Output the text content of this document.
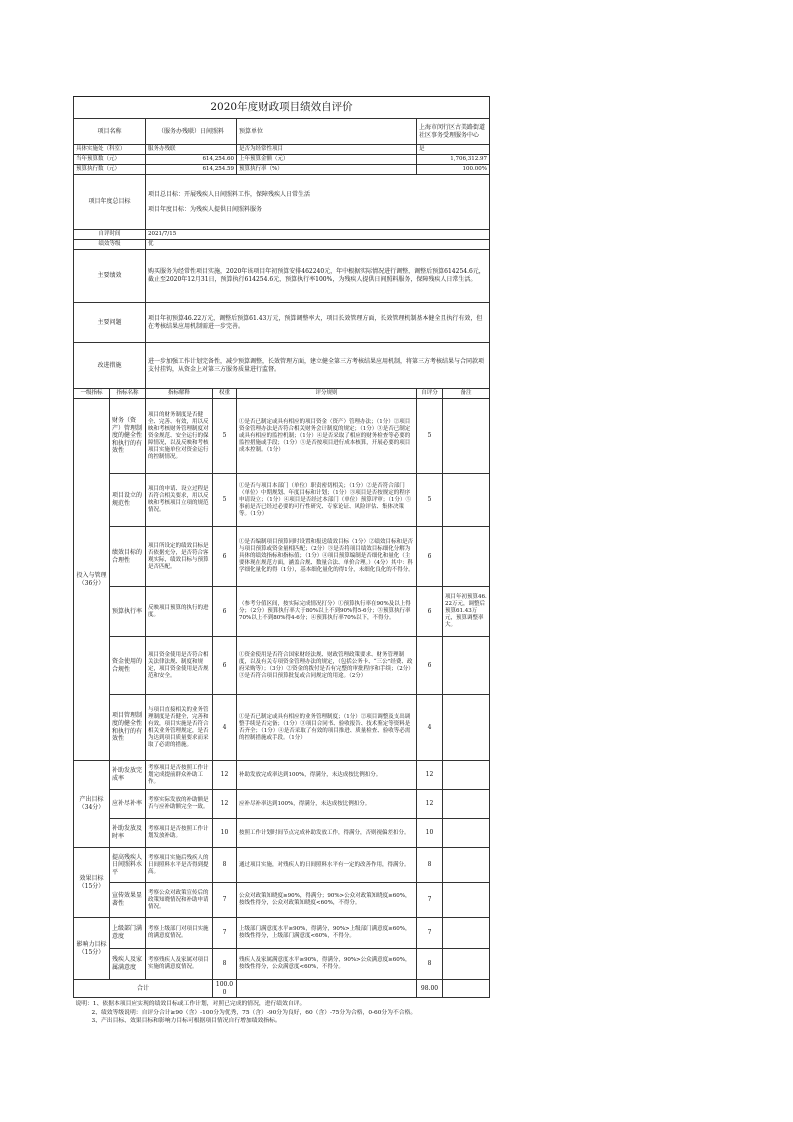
2020年度财政项目绩效自评价						
项目名称		（服务办残联）日间照料		预算单位	上海市闵行区古美路街道社区事务受理服务中心	
具体实施处（科室）		服务办残联		是否为经常性项目	是	
当年预算数（元）		614,254.60		上年预算金额（元）	1,706,312.97	
预算执行数（元）		614,254.59		预算执行率（%）	100.00%	
项目年度总目标		项目总目标：开展残疾人日间照料工作，保障残疾人日常生活
项目年度目标：为残疾人提供日间照料服务				

自评时间		2021/7/15				
绩效等级		优				
主要绩效		购买服务为经常性项目实施，2020年该项目年初预算安排462240元，年中根据实际情况进行调整，调整后预算614254.6元，截止至2020年12月31日，预算执行614254.6元，预算执行率100%，为残疾人提供日间照料服务，保障残疾人日常生活。				
主要问题		项目年初预算46.22万元，调整后预算61.43万元，预算调整率大，项目长效管理方面，长效管理机制基本健全且执行有效，但在考核结果应用机制需进一步完善。				
改进措施		进一步加强工作计划完备性，减少预算调整，长效管理方面，建立健全第三方考核结果应用机制，将第三方考核结果与合同款项支付挂钩，从资金上对第三方服务质量进行监督。				
一级指标	指标名称	指标解释	权重	评分规则	自评分	备注
投入与管理（36分）	财务（资产）管理制度的健全性和执行的有效性	项目的财务制度是否健全、完善、有效，用以反映和考核财务管理制度对资金规范、安全运行的保障情况，以及反映和考核项目实施单位对资金运行的控制情况。	5	①是否已制定或具有相应的项目资金（资产）管理办法；（1分）②项目资金管理办法是否符合相关财务会计制度的规定；（1分）③是否已制定或具有相应的监控机制；（1分）④是否采取了相应的财务检查等必要的监控措施或手段；（1分）⑤是否按项目进行成本核算，开展必要的项目成本控制。（1分）	5	
	项目设立的规范性	项目的申请、设立过程是否符合相关要求，用以反映和考核项目立项的规范情况。	5	①是否与项目本部门（单位）职责密切相关；（1分）②是否符合部门（单位）中期规划、年度目标和计划；（1分）③项目是否按规定的程序申请设立；（1分）④项目是否经过本部门（单位）预算评审；（1分）⑤事前是否已经过必要的可行性研究、专家论证、风险评估、集体决策等。（1分）	5	
	绩效目标的合理性	项目所设定的绩效目标是否依据充分，是否符合客观实际，绩效目标与预算是否匹配。	6	①是否编制项目预算同时设置和报送绩效目标（1分）②绩效目标和是否与项目预算或资金量相匹配；（2分）③是否将项目绩效目标细化分解为具体的绩效指标和指标值；（1分）④项目预算编制是否细化和量化（主要体现在规范方面，涵盖合规、数量合法、单价合理。）（4分）其中：科学细化量化的得（1分），基本细化量化的得1分，未细化良化的不得分。	6	
	预算执行率	反映项目预算的执行的进度。	6	（参考分值区间，按实际完成情况打分）①预算执行率在90%及以上得分；（2分）预算执行率大于80%以上不到90%得5-6分；③预算执行率70%以上不到80%得4-6分；④预算执行率70%以下，不得分。	6	项目年初预算46.22万元，调整后预算61.43万元，预算调整率大。
	资金使用的合规性	项目资金使用是否符合相关法律法规、制度和规定，项目资金使用是否规范和安全。	6	①资金使用是否符合国家财经法规、财政管理政策要求、财务管理制度，以及有关专项资金管理办法的规定，（包括公务卡、“三公”经费、政府采购等）；（3分）②资金的拨付是否有完整的审批程序和手续；（2分）③是否符合项目预算批复或合同规定的用途。（2分）	6	
	项目管理制度的健全性和执行的有效性	与项目直接相关的业务管理制度是否健全，完善和有效，项目实施是否符合相关业务管理规定，是否为达到项目质量要求而采取了必需的措施。	4	①是否已制定或具有相应的业务管理制度；（1分）②项目调整及支出调整手续是否完备；（1分）③项目合同书、验收报告、技术鉴定等资料是否齐全；（1分）④是否采取了有效的项目推进、质量检查、验收等必需的控制措施或手段。（1分）	4	
产出目标（34分）	补助发放完成率	考察项目是否按照工作计划完成提前群众补助工作。	12	补助发放完成率达到100%，得满分，未达成按比例扣分。	12	
	应补尽补率	考察实际发放的补助额是否与应补助额完全一致。	12	应补尽补率达到100%，得满分，未达成按比例扣分。	12	
	补助发放及时率	考察项目是否按照工作计划发放补助。	10	按照工作计划时间节点完成补助发放工作，得满分，否则视偏差扣分。	10	
效果目标（15分）	提高残疾人日间照料水平	考察项目实施后残疾人的日间照料水平是否得到提高。	8	通过项目实施，对残疾人的日间照料水平有一定的改善作用，得满分。	8	
	宣传效果显著性	考察公众对政策宣传后的政策知晓情况和补助申请情况。	7	公众对政策知晓度≥90%，得满分；90%>公众对政策知晓度≥60%，按线性得分，公众对政策知晓度<60%，不得分。	7	
影响力目标（15分）	上级部门满意度	考察上级部门对项目实施的满意度情况。	7	上级部门满意度水平≥90%，得满分，90%>上级部门满意度≥60%，按线性得分，上级部门满意度<60%，不得分。	7	
	残疾人及家属满意度	考察残疾人及家属对项目实施的满意度情况。	8	残疾人及家属满意度水平≥90%，得满分，90%>公众满意度≥60%，按线性得分，公众满意度<60%，不得分。	8	
合计			100.00		98.00	

说明：1、依据本项目应实现的绩效目标或工作计划，对照已完成的情况，进行绩效自评。
2、绩效等级说明：自评分合计≥90（含）-100分为优秀，75（含）-90分为良好，60（含）-75分为合格，0-60分为不合格。
3、产出目标、效果目标和影响力目标可根据项目情况自行增加绩效指标。						
